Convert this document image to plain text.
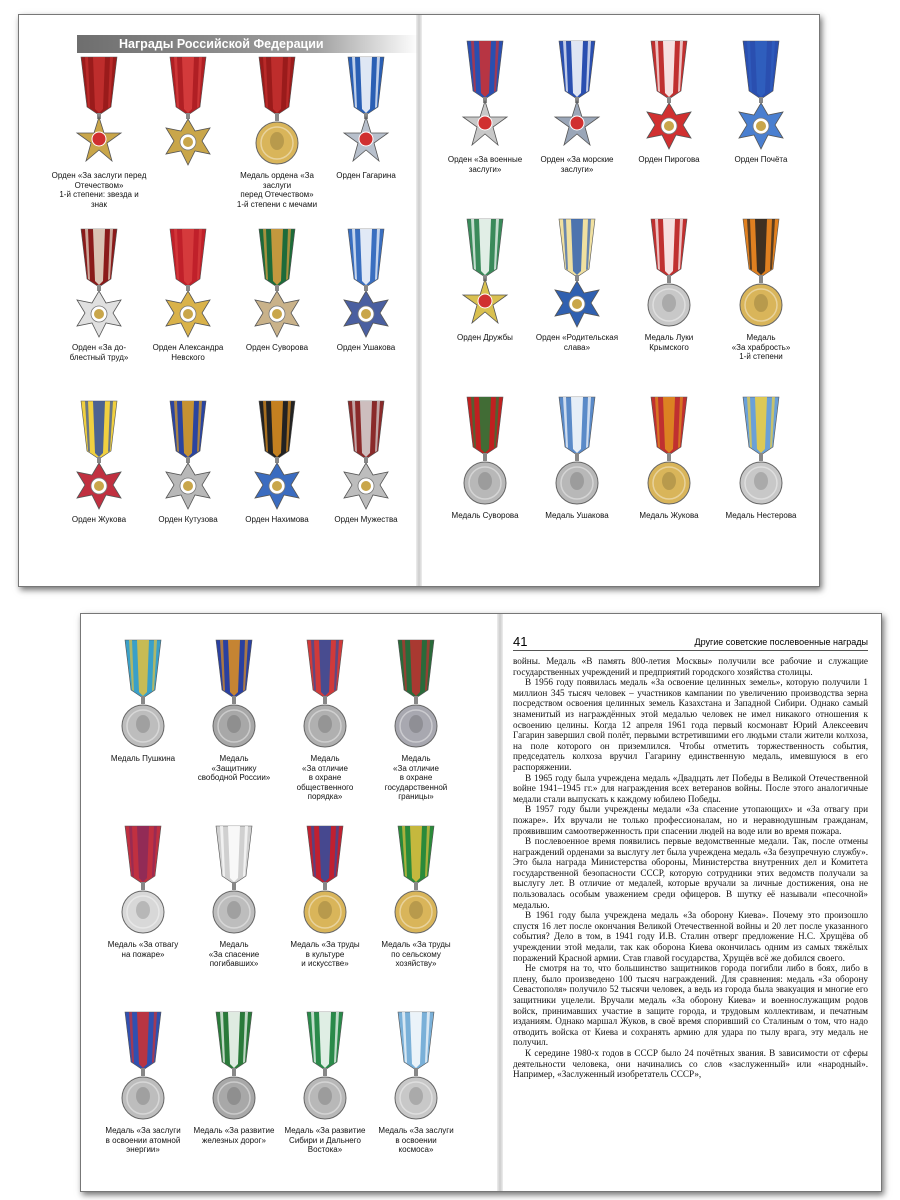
Награды Российской Федерации
Орден «За заслуги перед Отечеством»
1-й степени: звезда и знак
Медаль ордена «За заслуги
перед Отечеством»
1-й степени с мечами
Орден Гагарина
Орден «За до-
блестный труд»
Орден Александра
Невского
Орден Суворова	Орден Ушакова
Орден Жукова	Орден Кутузова	Орден Нахимова	Орден Мужества
Орден «За военные
заслуги»
Орден «За морские
заслуги»
Орден Пирогова	Орден Почёта
Орден Дружбы	Орден «Родительская
слава»
Медаль Луки
Крымского
Медаль
«За храбрость»
1-й степени
Медаль Суворова	Медаль Ушакова	Медаль Жукова	Медаль Нестерова
Медаль Пушкина	Медаль
«Защитнику
свободной России»
Медаль
«За отличие
в охране
общественного
порядка»
Медаль
«За отличие
в охране
государственной
границы»
Медаль «За отвагу
на пожаре»
Медаль
«За спасение
погибавших»
Медаль «За труды
в культуре
и искусстве»
Медаль «За труды
по сельскому
хозяйству»
Медаль «За заслуги
в освоении атомной
энергии»
Медаль «За развитие
железных дорог»
Медаль «За развитие
Сибири и Дальнего
Востока»
Медаль «За заслуги
в освоении
космоса»
41	Другие советские послевоенные награды

войны. Медаль «В память 800-летия Москвы» получили все рабочие и служащие государственных учреждений и предприятий городского хозяйства столицы.

В 1956 году появилась медаль «За освоение целинных земель», которую получили 1 миллион 345 тысяч человек – участников кампании по увеличению производства зерна посредством освоения целинных земель Казахстана и Западной Сибири. Однако самый знаменитый из награждённых этой медалью человек не имел никакого отношения к освоению целины. Когда 12 апреля 1961 года первый космонавт Юрий Алексеевич Гагарин завершил свой полёт, первыми встретившими его людьми стали жители колхоза, на поле которого он приземлился. Чтобы отметить торжественность события, председатель колхоза вручил Гагарину единственную медаль, имевшуюся в его распоряжении.

В 1965 году была учреждена медаль «Двадцать лет Победы в Великой Отечественной войне 1941–1945 гг.» для награждения всех ветеранов войны. После этого аналогичные медали стали выпускать к каждому юбилею Победы.

В 1957 году были учреждены медали «За спасение утопающих» и «За отвагу при пожаре». Их вручали не только профессионалам, но и неравнодушным гражданам, проявившим самоотверженность при спасении людей на воде или во время пожара.

В послевоенное время появились первые ведомственные медали. Так, после отмены награждений орденами за выслугу лет была учреждена медаль «За безупречную службу». Это была награда Министерства обороны, Министерства внутренних дел и Комитета государственной безопасности СССР, которую сотрудники этих ведомств получали за выслугу лет. В отличие от медалей, которые вручали за личные достижения, она не пользовалась особым уважением среди офицеров. В шутку её называли «песочной» медалью.

В 1961 году была учреждена медаль «За оборону Киева». Почему это произошло спустя 16 лет после окончания Великой Отечественной войны и 20 лет после указанного события? Дело в том, в 1941 году И.В. Сталин отверг предложение Н.С. Хрущёва об учреждении этой медали, так как оборона Киева окончилась одним из самых тяжёлых поражений Красной армии. Став главой государства, Хрущёв всё же добился своего.

Не смотря на то, что большинство защитников города погибли либо в боях, либо в плену, было произведено 100 тысяч награждений. Для сравнения: медаль «За оборону Севастополя» получило 52 тысячи человек, а ведь из города была эвакуация и многие его защитники уцелели. Вручали медаль «За оборону Киева» и военнослужащим родов войск, принимавших участие в защите города, и трудовым коллективам, и печатным изданиям. Однако маршал Жуков, в своё время споривший со Сталиным о том, что надо отводить войска от Киева и сохранять армию для удара по тылу врага, эту медаль не получил.

К середине 1980-х годов в СССР было 24 почётных звания. В зависимости от сферы деятельности человека, они начинались со слов «заслуженный» или «народный». Например, «Заслуженный изобретатель СССР»,
